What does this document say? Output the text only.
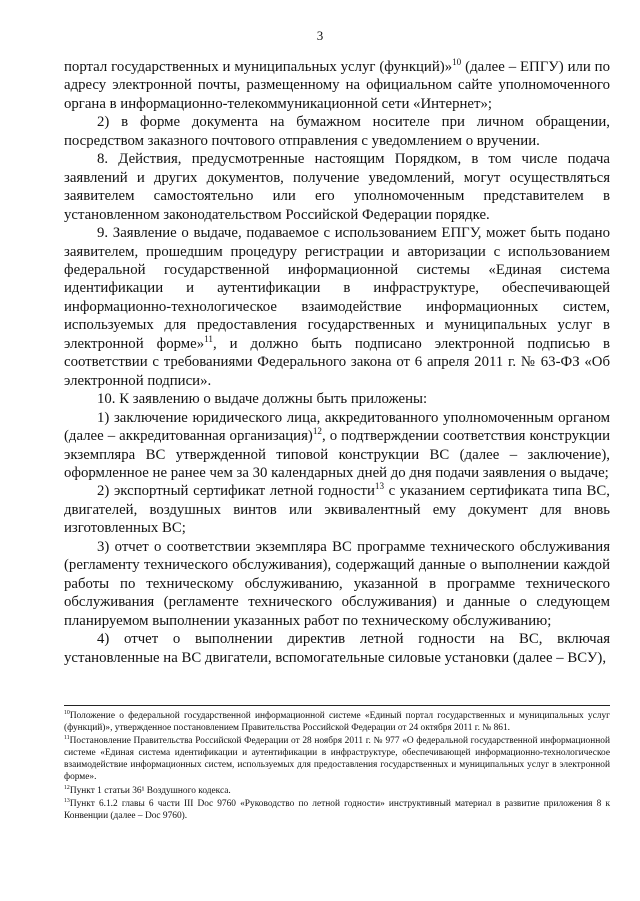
3

портал государственных и муниципальных услуг (функций)»$^{10}$ (далее – ЕПГУ) или по адресу электронной почты, размещенному на официальном сайте уполномоченного органа в информационно-телекоммуникационной сети «Интернет»;

2) в форме документа на бумажном носителе при личном обращении, посредством заказного почтового отправления с уведомлением о вручении.

8. Действия, предусмотренные настоящим Порядком, в том числе подача заявлений и других документов, получение уведомлений, могут осуществляться заявителем самостоятельно или его уполномоченным представителем в установленном законодательством Российской Федерации порядке.

9. Заявление о выдаче, подаваемое с использованием ЕПГУ, может быть подано заявителем, прошедшим процедуру регистрации и авторизации с использованием федеральной государственной информационной системы «Единая система идентификации и аутентификации в инфраструктуре, обеспечивающей информационно-технологическое взаимодействие информационных систем, используемых для предоставления государственных и муниципальных услуг в электронной форме»$^{11}$, и должно быть подписано электронной подписью в соответствии с требованиями Федерального закона от 6 апреля 2011 г. № 63-ФЗ «Об электронной подписи».

10. К заявлению о выдаче должны быть приложены:

1) заключение юридического лица, аккредитованного уполномоченным органом (далее – аккредитованная организация)$^{12}$, о подтверждении соответствия конструкции экземпляра ВС утвержденной типовой конструкции ВС (далее – заключение), оформленное не ранее чем за 30 календарных дней до дня подачи заявления о выдаче;

2) экспортный сертификат летной годности$^{13}$ с указанием сертификата типа ВС, двигателей, воздушных винтов или эквивалентный ему документ для вновь изготовленных ВС;

3) отчет о соответствии экземпляра ВС программе технического обслуживания (регламенту технического обслуживания), содержащий данные о выполнении каждой работы по техническому обслуживанию, указанной в программе технического обслуживания (регламенте технического обслуживания) и данные о следующем планируемом выполнении указанных работ по техническому обслуживанию;

4) отчет о выполнении директив летной годности на ВС, включая установленные на ВС двигатели, вспомогательные силовые установки (далее – ВСУ),

$^{10}$Положение о федеральной государственной информационной системе «Единый портал государственных и муниципальных услуг (функций)», утвержденное постановлением Правительства Российской Федерации от 24 октября 2011 г. № 861.

$^{11}$Постановление Правительства Российской Федерации от 28 ноября 2011 г. № 977 «О федеральной государственной информационной системе «Единая система идентификации и аутентификации в инфраструктуре, обеспечивающей информационно-технологическое взаимодействие информационных систем, используемых для предоставления государственных и муниципальных услуг в электронной форме».

$^{12}$Пункт 1 статьи 36¹ Воздушного кодекса.

$^{13}$Пункт 6.1.2 главы 6 части III Doc 9760 «Руководство по летной годности» инструктивный материал в развитие приложения 8 к Конвенции (далее – Doc 9760).
